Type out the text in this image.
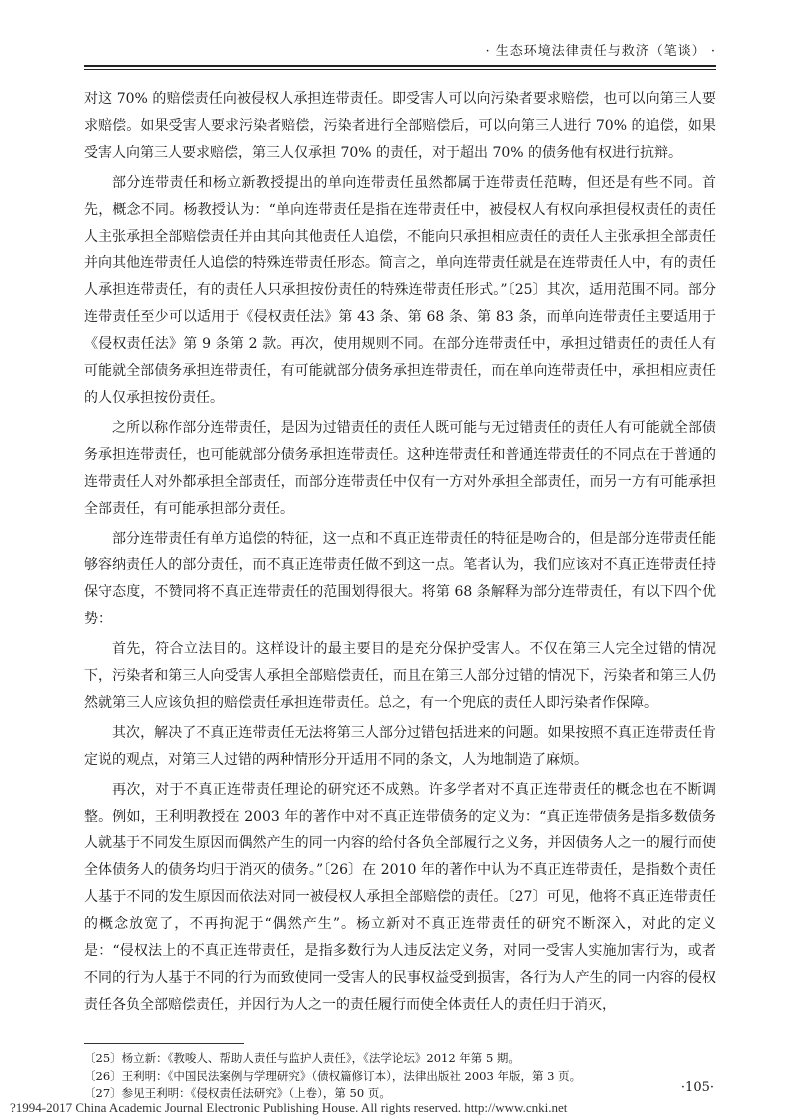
· 生态环境法律责任与救济（笔谈） ·

对这 70% 的赔偿责任向被侵权人承担连带责任。即受害人可以向污染者要求赔偿，也可以向第三人要求赔偿。如果受害人要求污染者赔偿，污染者进行全部赔偿后，可以向第三人进行 70% 的追偿，如果受害人向第三人要求赔偿，第三人仅承担 70% 的责任，对于超出 70% 的债务他有权进行抗辩。

部分连带责任和杨立新教授提出的单向连带责任虽然都属于连带责任范畴，但还是有些不同。首先，概念不同。杨教授认为：“单向连带责任是指在连带责任中，被侵权人有权向承担侵权责任的责任人主张承担全部赔偿责任并由其向其他责任人追偿，不能向只承担相应责任的责任人主张承担全部责任并向其他连带责任人追偿的特殊连带责任形态。简言之，单向连带责任就是在连带责任人中，有的责任人承担连带责任，有的责任人只承担按份责任的特殊连带责任形式。”〔25〕其次，适用范围不同。部分连带责任至少可以适用于《侵权责任法》第 43 条、第 68 条、第 83 条，而单向连带责任主要适用于《侵权责任法》第 9 条第 2 款。再次，使用规则不同。在部分连带责任中，承担过错责任的责任人有可能就全部债务承担连带责任，有可能就部分债务承担连带责任，而在单向连带责任中，承担相应责任的人仅承担按份责任。

之所以称作部分连带责任，是因为过错责任的责任人既可能与无过错责任的责任人有可能就全部债务承担连带责任，也可能就部分债务承担连带责任。这种连带责任和普通连带责任的不同点在于普通的连带责任人对外都承担全部责任，而部分连带责任中仅有一方对外承担全部责任，而另一方有可能承担全部责任，有可能承担部分责任。

部分连带责任有单方追偿的特征，这一点和不真正连带责任的特征是吻合的，但是部分连带责任能够容纳责任人的部分责任，而不真正连带责任做不到这一点。笔者认为，我们应该对不真正连带责任持保守态度，不赞同将不真正连带责任的范围划得很大。将第 68 条解释为部分连带责任，有以下四个优势：

首先，符合立法目的。这样设计的最主要目的是充分保护受害人。不仅在第三人完全过错的情况下，污染者和第三人向受害人承担全部赔偿责任，而且在第三人部分过错的情况下，污染者和第三人仍然就第三人应该负担的赔偿责任承担连带责任。总之，有一个兜底的责任人即污染者作保障。

其次，解决了不真正连带责任无法将第三人部分过错包括进来的问题。如果按照不真正连带责任肯定说的观点，对第三人过错的两种情形分开适用不同的条文，人为地制造了麻烦。

再次，对于不真正连带责任理论的研究还不成熟。许多学者对不真正连带责任的概念也在不断调整。例如，王利明教授在 2003 年的著作中对不真正连带债务的定义为：“真正连带债务是指多数债务人就基于不同发生原因而偶然产生的同一内容的给付各负全部履行之义务，并因债务人之一的履行而使全体债务人的债务均归于消灭的债务。”〔26〕在 2010 年的著作中认为不真正连带责任，是指数个责任人基于不同的发生原因而依法对同一被侵权人承担全部赔偿的责任。〔27〕可见，他将不真正连带责任的概念放宽了，不再拘泥于“偶然产生”。杨立新对不真正连带责任的研究不断深入，对此的定义是：“侵权法上的不真正连带责任，是指多数行为人违反法定义务，对同一受害人实施加害行为，或者不同的行为人基于不同的行为而致使同一受害人的民事权益受到损害，各行为人产生的同一内容的侵权责任各负全部赔偿责任，并因行为人之一的责任履行而使全体责任人的责任归于消灭，

〔25〕杨立新：《教唆人、帮助人责任与监护人责任》，《法学论坛》2012 年第 5 期。
〔26〕王利明：《中国民法案例与学理研究》（债权篇修订本），法律出版社 2003 年版，第 3 页。
〔27〕参见王利明：《侵权责任法研究》（上卷），第 50 页。	·105·
?1994-2017 China Academic Journal Electronic Publishing House. All rights reserved. http://www.cnki.net
